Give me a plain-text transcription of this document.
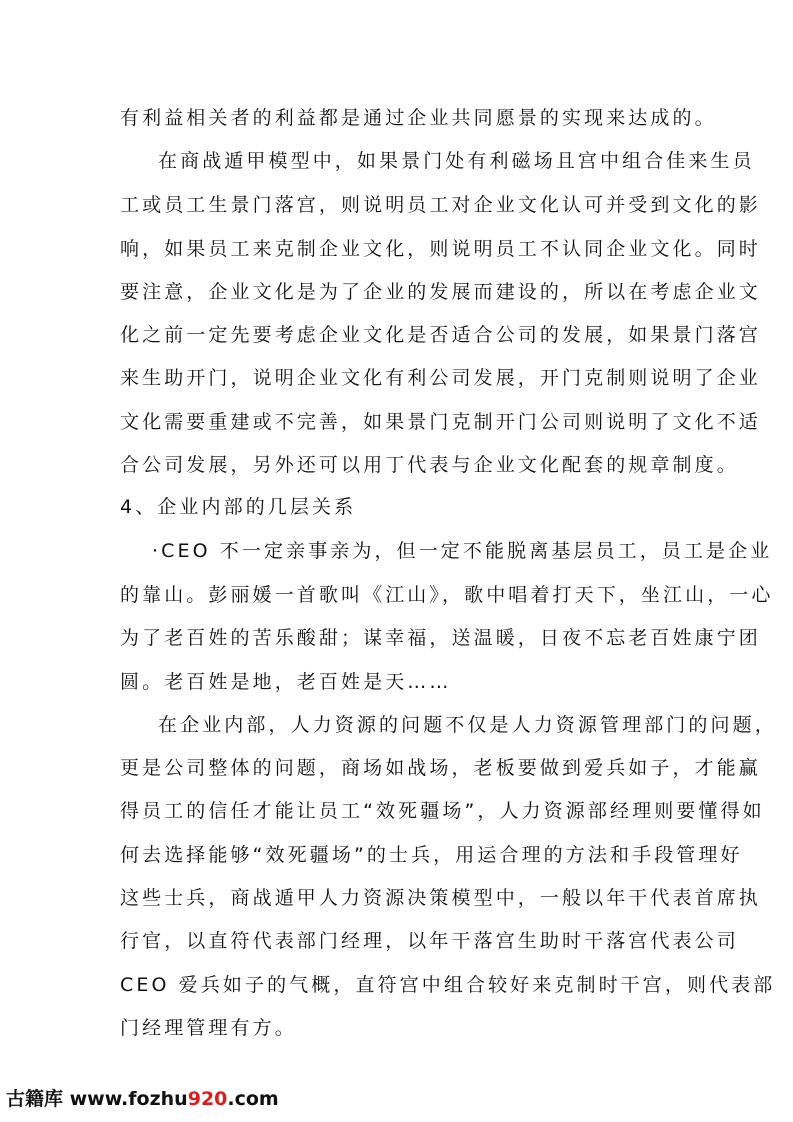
有利益相关者的利益都是通过企业共同愿景的实现来达成的。
在商战遁甲模型中，如果景门处有利磁场且宫中组合佳来生员
工或员工生景门落宫，则说明员工对企业文化认可并受到文化的影
响，如果员工来克制企业文化，则说明员工不认同企业文化。同时
要注意，企业文化是为了企业的发展而建设的，所以在考虑企业文
化之前一定先要考虑企业文化是否适合公司的发展，如果景门落宫
来生助开门，说明企业文化有利公司发展，开门克制则说明了企业
文化需要重建或不完善，如果景门克制开门公司则说明了文化不适
合公司发展，另外还可以用丁代表与企业文化配套的规章制度。
4、企业内部的几层关系
·CEO 不一定亲事亲为，但一定不能脱离基层员工，员工是企业
的靠山。彭丽媛一首歌叫《江山》，歌中唱着打天下，坐江山，一心
为了老百姓的苦乐酸甜；谋幸福，送温暖，日夜不忘老百姓康宁团
圆。老百姓是地，老百姓是天……
在企业内部，人力资源的问题不仅是人力资源管理部门的问题，
更是公司整体的问题，商场如战场，老板要做到爱兵如子，才能赢
得员工的信任才能让员工“效死疆场”，人力资源部经理则要懂得如
何去选择能够“效死疆场”的士兵，用运合理的方法和手段管理好
这些士兵，商战遁甲人力资源决策模型中，一般以年干代表首席执
行官，以直符代表部门经理，以年干落宫生助时干落宫代表公司
CEO 爱兵如子的气概，直符宫中组合较好来克制时干宫，则代表部
门经理管理有方。
古籍库 www.fozhu920.com
